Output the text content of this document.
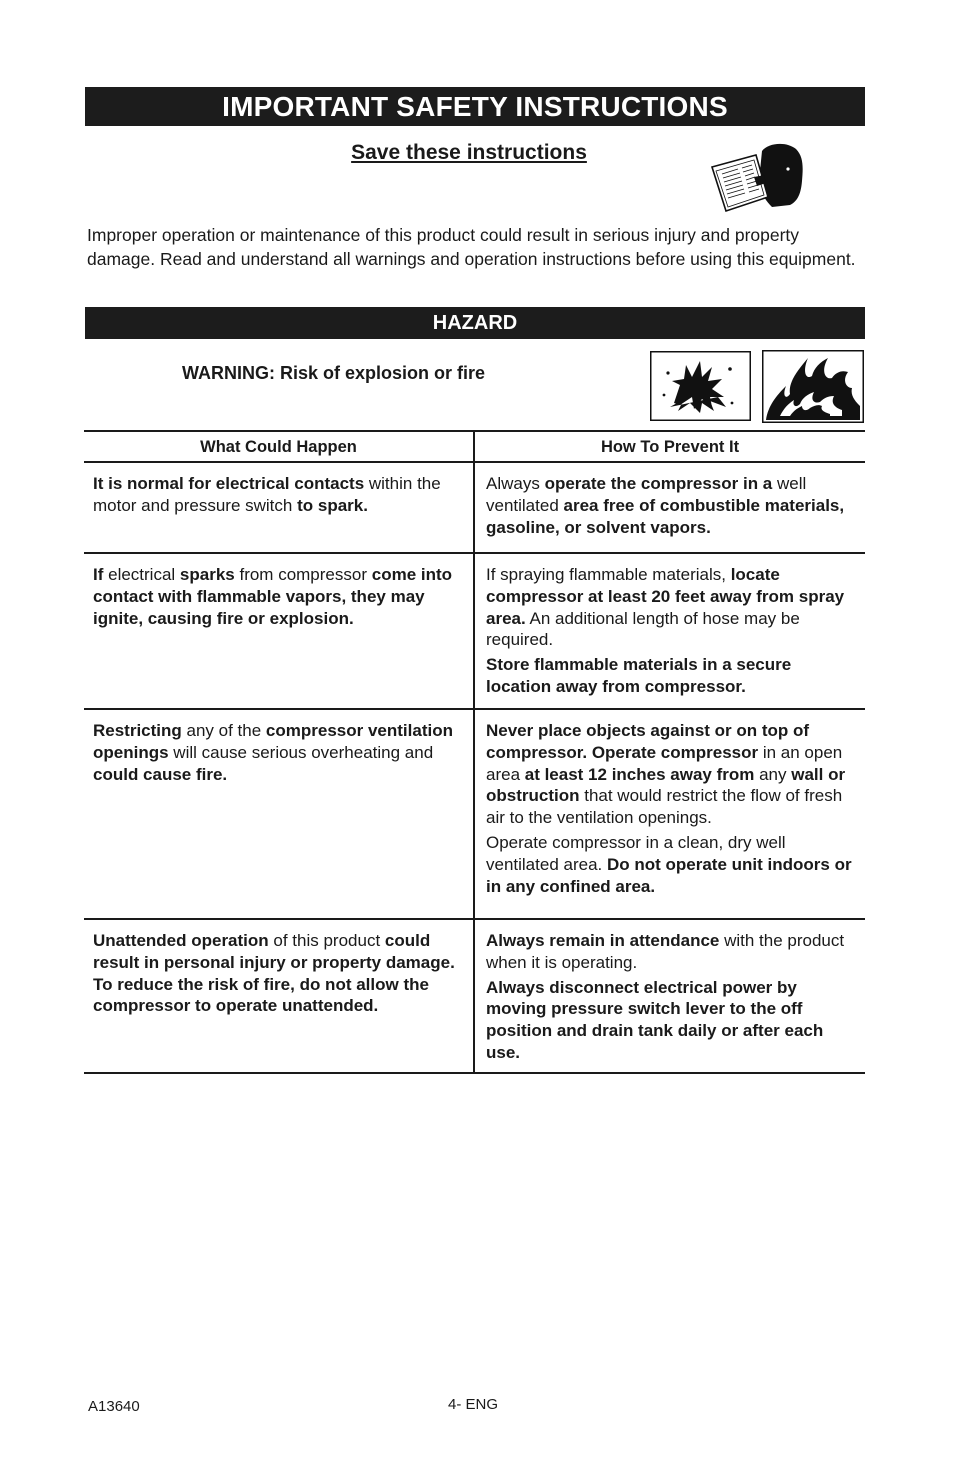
IMPORTANT SAFETY INSTRUCTIONS
Save these instructions
Improper operation or maintenance of this product could result in serious injury and property damage. Read and understand all warnings and operation instructions before using this equipment.
HAZARD
WARNING: Risk of explosion or fire
What Could Happen	How To Prevent It

It is normal for electrical contacts within the motor and pressure switch to spark.	Always operate the compressor in a well ventilated area free of combustible materials, gasoline, or solvent vapors.

If electrical sparks from compressor come into contact with flammable vapors, they may ignite, causing fire or explosion.	If spraying flammable materials, locate compressor at least 20 feet away from spray area. An additional length of hose may be required.

Store flammable materials in a secure location away from compressor.

Restricting any of the compressor ventilation openings will cause serious overheating and could cause fire.	Never place objects against or on top of compressor. Operate compressor in an open area at least 12 inches away from any wall or obstruction that would restrict the flow of fresh air to the ventilation openings.

Operate compressor in a clean, dry well ventilated area. Do not operate unit indoors or in any confined area.

Unattended operation of this product could result in personal injury or property damage. To reduce the risk of fire, do not allow the compressor to operate unattended.	Always remain in attendance with the product when it is operating.

Always disconnect electrical power by moving pressure switch lever to the off position and drain tank daily or after each use.

A13640	4- ENG
